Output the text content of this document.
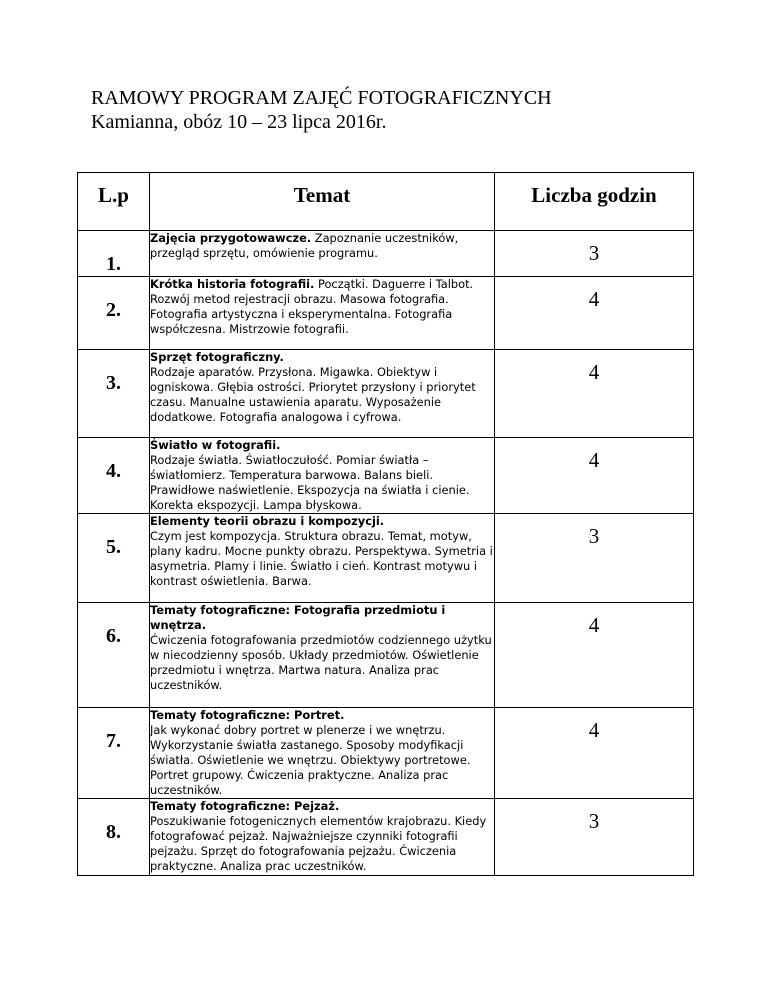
RAMOWY PROGRAM ZAJĘĆ FOTOGRAFICZNYCH
Kamianna, obóz 10 – 23 lipca 2016r.
L.p	Temat	Liczba godzin

1.	Zajęcia przygotowawcze. Zapoznanie uczestników, przegląd sprzętu, omówienie programu.	3

2.	Krótka historia fotografii. Początki. Daguerre i Talbot. Rozwój metod rejestracji obrazu. Masowa fotografia. Fotografia artystyczna i eksperymentalna. Fotografia współczesna. Mistrzowie fotografii.	4

3.	Sprzęt fotograficzny.
Rodzaje aparatów. Przysłona. Migawka. Obiektyw i ogniskowa. Głębia ostrości. Priorytet przysłony i priorytet czasu. Manualne ustawienia aparatu. Wyposażenie dodatkowe. Fotografia analogowa i cyfrowa.	4

4.	Światło w fotografii.
Rodzaje światła. Światłoczułość. Pomiar światła – światłomierz. Temperatura barwowa. Balans bieli. Prawidłowe naświetlenie. Ekspozycja na światła i cienie. Korekta ekspozycji. Lampa błyskowa.	4

5.	Elementy teorii obrazu i kompozycji.
Czym jest kompozycja. Struktura obrazu. Temat, motyw, plany kadru. Mocne punkty obrazu. Perspektywa. Symetria i asymetria. Plamy i linie. Światło i cień. Kontrast motywu i kontrast oświetlenia. Barwa.	3

6.	Tematy fotograficzne: Fotografia przedmiotu i wnętrza.
Ćwiczenia fotografowania przedmiotów codziennego użytku w niecodzienny sposób. Układy przedmiotów. Oświetlenie przedmiotu i wnętrza. Martwa natura. Analiza prac uczestników.	4

7.	Tematy fotograficzne: Portret.
Jak wykonać dobry portret w plenerze i we wnętrzu. Wykorzystanie światła zastanego. Sposoby modyfikacji światła. Oświetlenie we wnętrzu. Obiektywy portretowe. Portret grupowy. Ćwiczenia praktyczne. Analiza prac uczestników.	4

8.	Tematy fotograficzne: Pejzaż.
Poszukiwanie fotogenicznych elementów krajobrazu. Kiedy fotografować pejzaż. Najważniejsze czynniki fotografii pejzażu. Sprzęt do fotografowania pejzażu. Ćwiczenia praktyczne. Analiza prac uczestników.	3
